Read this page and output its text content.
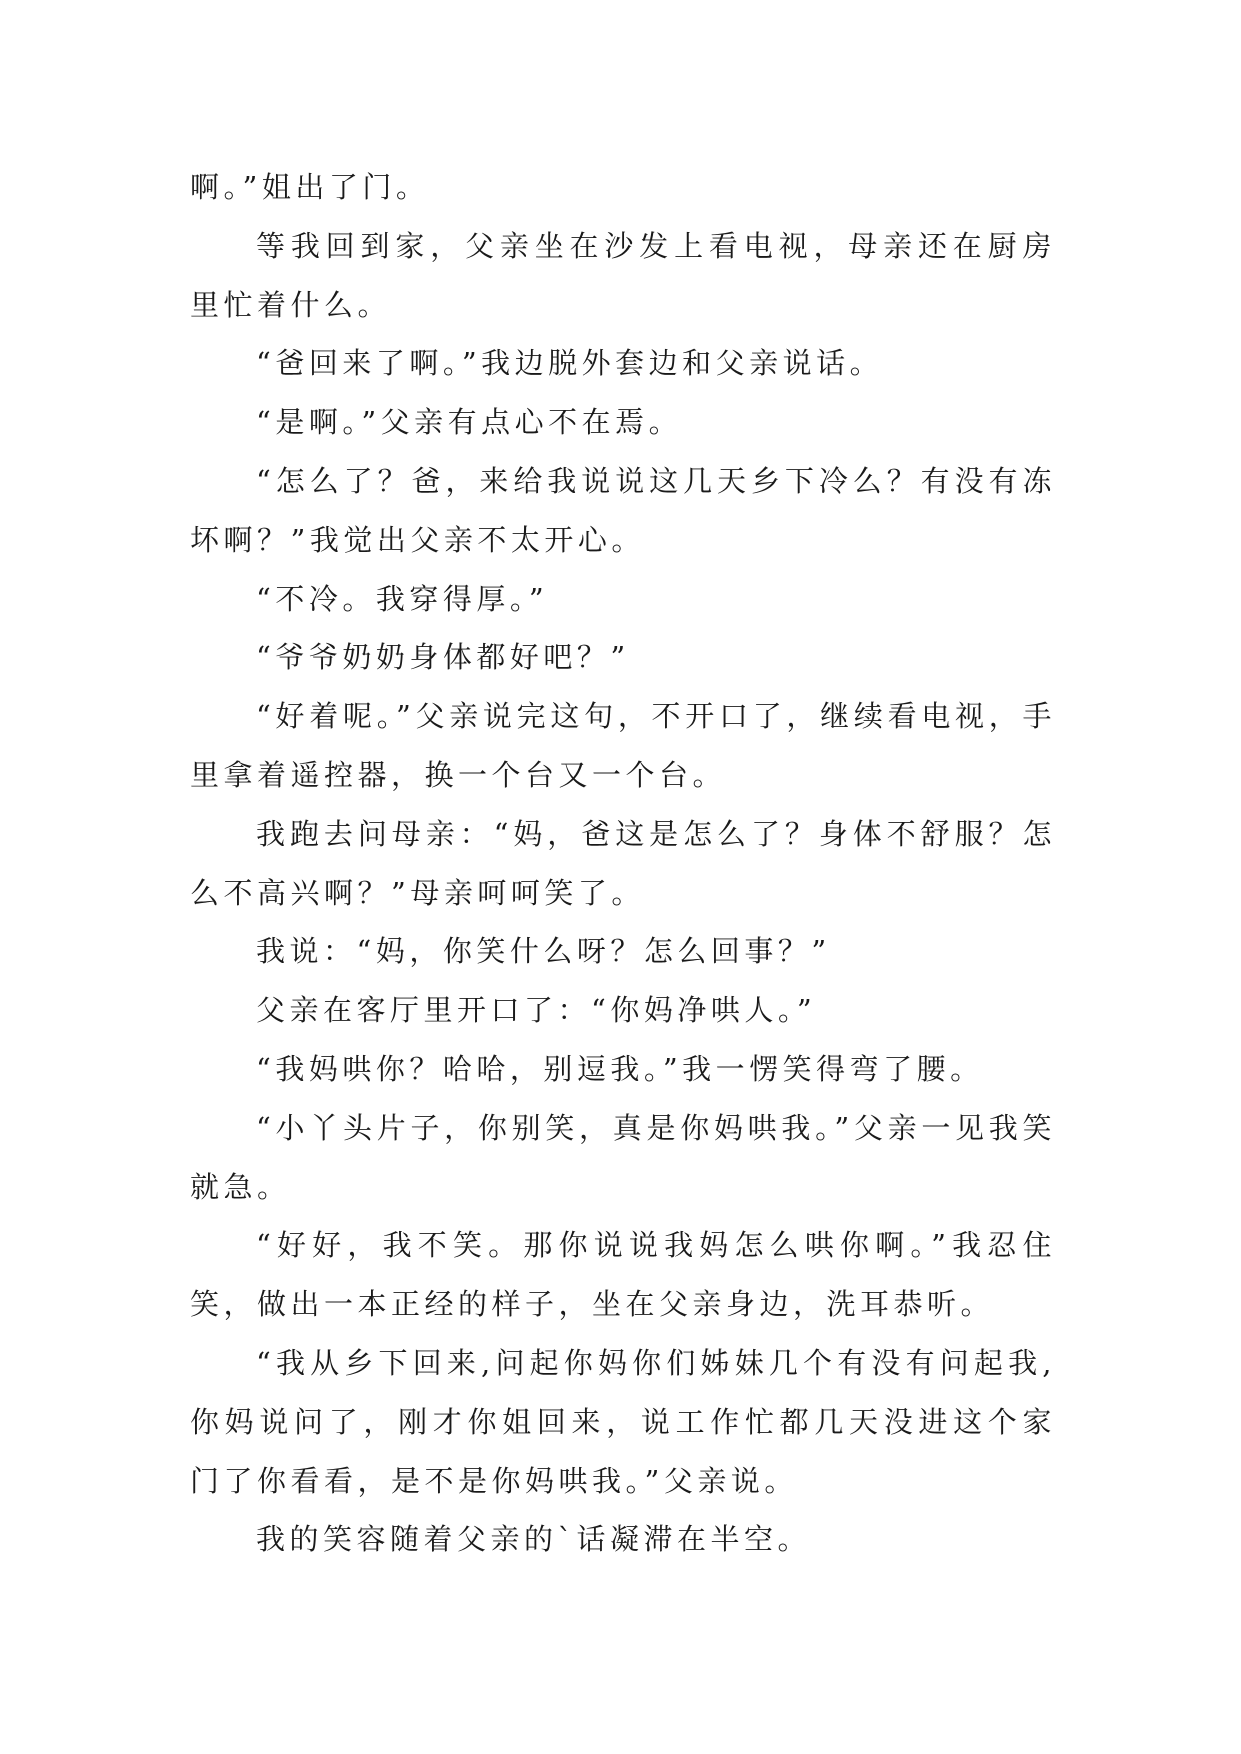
啊。”姐出了门。

等我回到家，父亲坐在沙发上看电视，母亲还在厨房里忙着什么。

“爸回来了啊。”我边脱外套边和父亲说话。

“是啊。”父亲有点心不在焉。

“怎么了？爸，来给我说说这几天乡下冷么？有没有冻坏啊？”我觉出父亲不太开心。

“不冷。我穿得厚。”

“爷爷奶奶身体都好吧？”

“好着呢。”父亲说完这句，不开口了，继续看电视，手里拿着遥控器，换一个台又一个台。

我跑去问母亲：“妈，爸这是怎么了？身体不舒服？怎么不高兴啊？”母亲呵呵笑了。

我说：“妈，你笑什么呀？怎么回事？”

父亲在客厅里开口了：“你妈净哄人。”

“我妈哄你？哈哈，别逗我。”我一愣笑得弯了腰。

“小丫头片子，你别笑，真是你妈哄我。”父亲一见我笑就急。

“好好，我不笑。那你说说我妈怎么哄你啊。”我忍住笑，做出一本正经的样子，坐在父亲身边，洗耳恭听。

“我从乡下回来,问起你妈你们姊妹几个有没有问起我,你妈说问了，刚才你姐回来，说工作忙都几天没进这个家门了你看看，是不是你妈哄我。”父亲说。

我的笑容随着父亲的`话凝滞在半空。
